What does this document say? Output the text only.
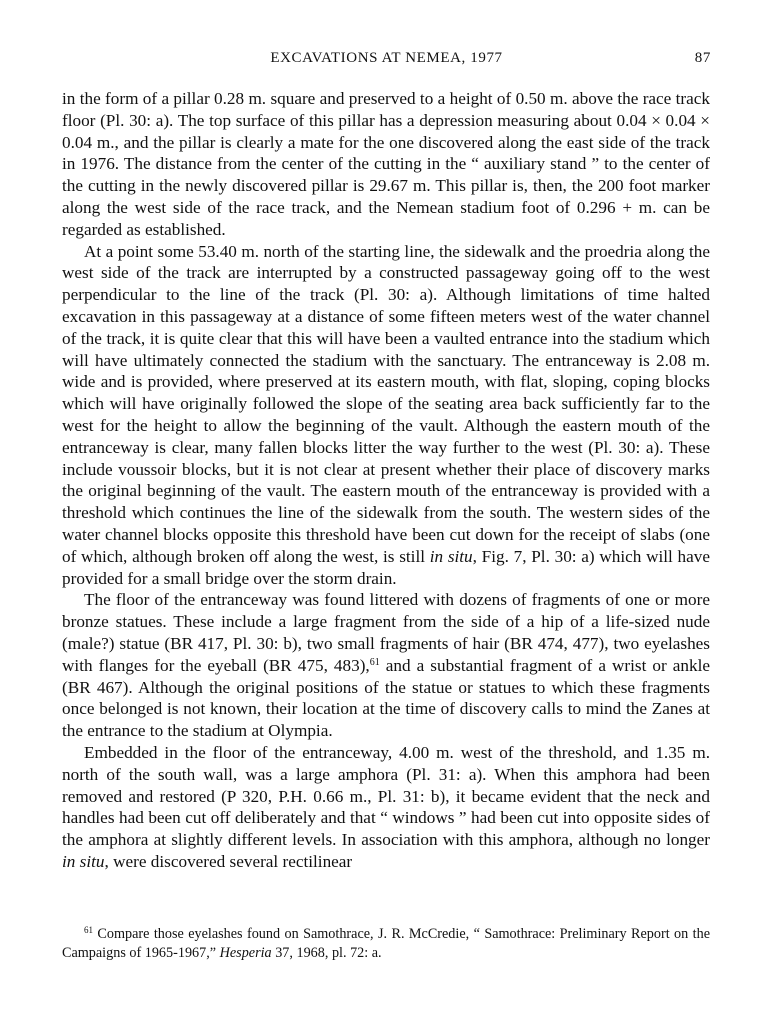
EXCAVATIONS AT NEMEA, 1977	87

in the form of a pillar 0.28 m. square and preserved to a height of 0.50 m. above the race track floor (Pl. 30: a). The top surface of this pillar has a depression measuring about 0.04 × 0.04 × 0.04 m., and the pillar is clearly a mate for the one discovered along the east side of the track in 1976. The distance from the center of the cutting in the “ auxiliary stand ” to the center of the cutting in the newly discovered pillar is 29.67 m. This pillar is, then, the 200 foot marker along the west side of the race track, and the Nemean stadium foot of 0.296 + m. can be regarded as established.

At a point some 53.40 m. north of the starting line, the sidewalk and the proedria along the west side of the track are interrupted by a constructed passageway going off to the west perpendicular to the line of the track (Pl. 30: a). Although limitations of time halted excavation in this passageway at a distance of some fifteen meters west of the water channel of the track, it is quite clear that this will have been a vaulted entrance into the stadium which will have ultimately connected the stadium with the sanctuary. The entranceway is 2.08 m. wide and is provided, where preserved at its eastern mouth, with flat, sloping, coping blocks which will have originally followed the slope of the seating area back sufficiently far to the west for the height to allow the beginning of the vault. Although the eastern mouth of the entranceway is clear, many fallen blocks litter the way further to the west (Pl. 30: a). These include voussoir blocks, but it is not clear at present whether their place of discovery marks the original beginning of the vault. The eastern mouth of the entranceway is provided with a threshold which continues the line of the sidewalk from the south. The western sides of the water channel blocks opposite this threshold have been cut down for the receipt of slabs (one of which, although broken off along the west, is still in situ, Fig. 7, Pl. 30: a) which will have provided for a small bridge over the storm drain.

The floor of the entranceway was found littered with dozens of fragments of one or more bronze statues. These include a large fragment from the side of a hip of a life-sized nude (male?) statue (BR 417, Pl. 30: b), two small fragments of hair (BR 474, 477), two eyelashes with flanges for the eyeball (BR 475, 483),$^{61}$ and a substantial fragment of a wrist or ankle (BR 467). Although the original positions of the statue or statues to which these fragments once belonged is not known, their location at the time of discovery calls to mind the Zanes at the entrance to the stadium at Olympia.

Embedded in the floor of the entranceway, 4.00 m. west of the threshold, and 1.35 m. north of the south wall, was a large amphora (Pl. 31: a). When this amphora had been removed and restored (P 320, P.H. 0.66 m., Pl. 31: b), it became evident that the neck and handles had been cut off deliberately and that “ windows ” had been cut into opposite sides of the amphora at slightly different levels. In association with this amphora, although no longer in situ, were discovered several rectilinear

$^{61}$ Compare those eyelashes found on Samothrace, J. R. McCredie, “ Samothrace: Preliminary Report on the Campaigns of 1965-1967,” Hesperia 37, 1968, pl. 72: a.
